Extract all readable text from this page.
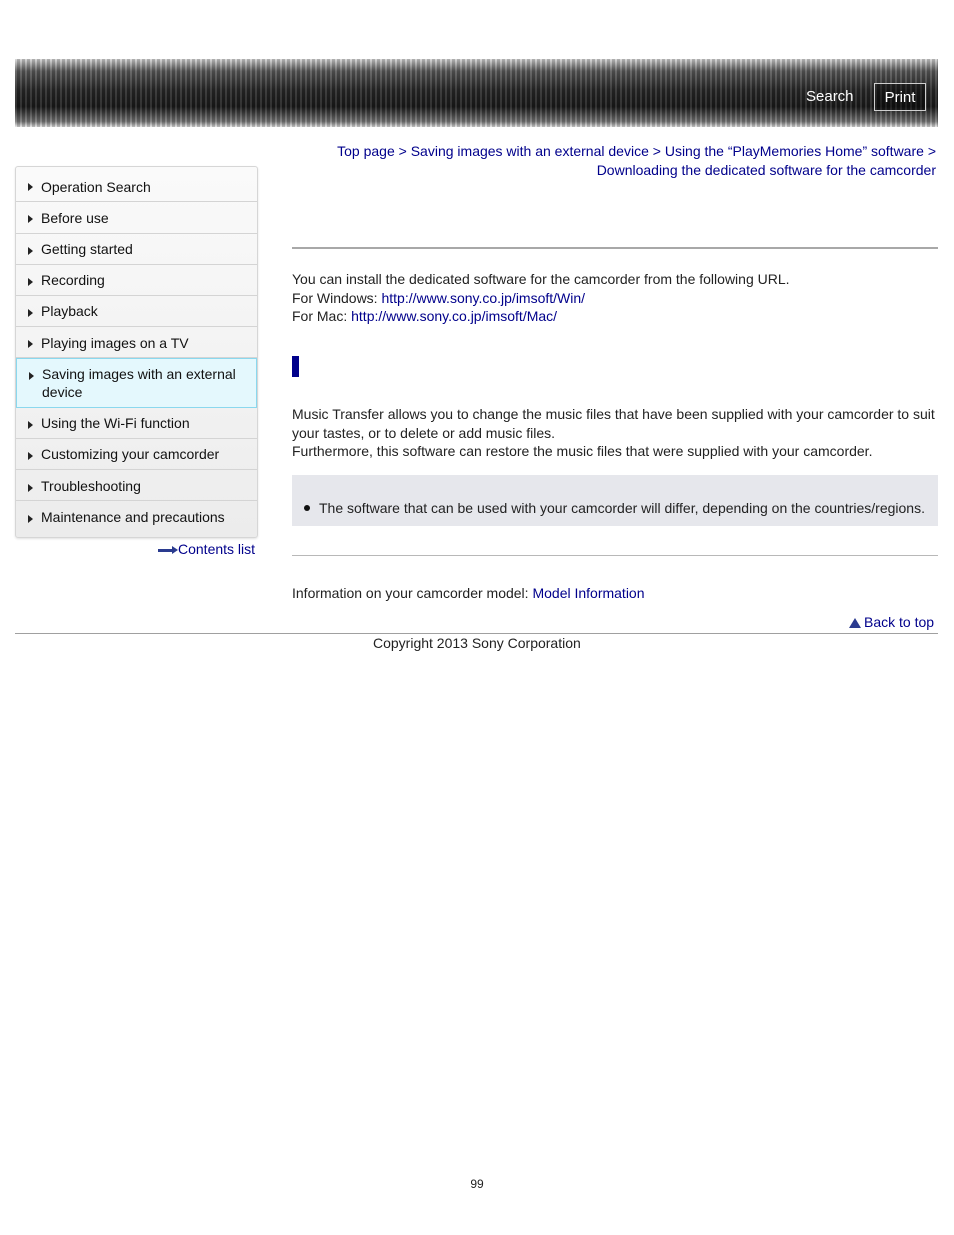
Search	Print
Top page > Saving images with an external device > Using the “PlayMemories Home” software > Downloading the dedicated software for the camcorder
Operation Search
Before use
Getting started
Recording
Playback
Playing images on a TV
Saving images with an external device
Using the Wi-Fi function
Customizing your camcorder
Troubleshooting
Maintenance and precautions
Contents list
You can install the dedicated software for the camcorder from the following URL.
For Windows: http://www.sony.co.jp/imsoft/Win/
For Mac: http://www.sony.co.jp/imsoft/Mac/
Music Transfer allows you to change the music files that have been supplied with your camcorder to suit your tastes, or to delete or add music files.
Furthermore, this software can restore the music files that were supplied with your camcorder.
The software that can be used with your camcorder will differ, depending on the countries/regions.
Information on your camcorder model: Model Information
Back to top
Copyright 2013 Sony Corporation
99
